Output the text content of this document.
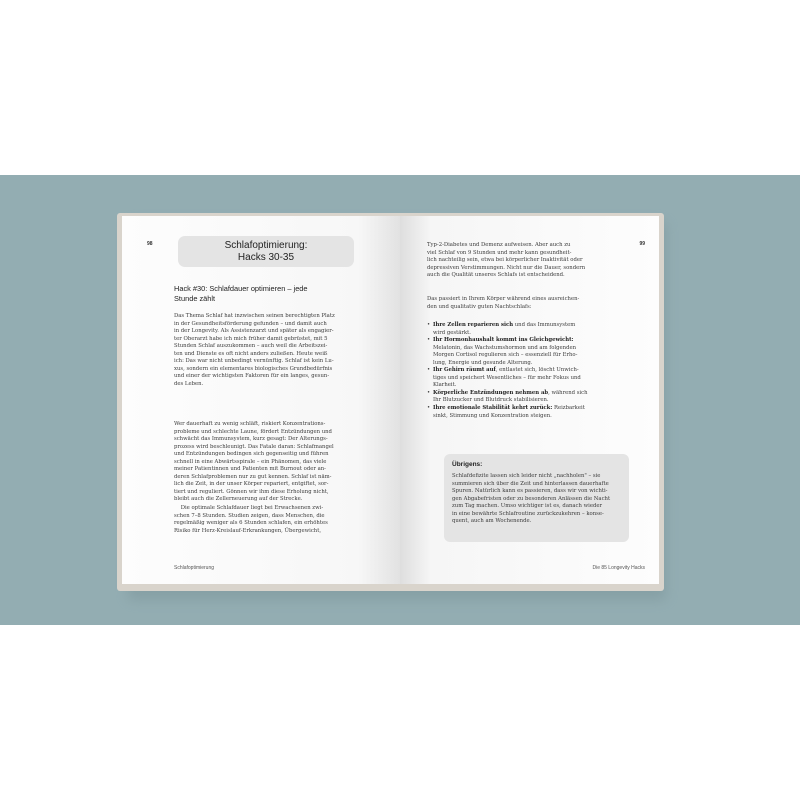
98	Schlafoptimierung:
Hacks 30-35
Hack #30: Schlafdauer optimieren – jede
Stunde zählt
Das Thema Schlaf hat inzwischen seinen berechtigten Platz
in der Gesundheitsförderung gefunden – und damit auch
in der Longevity. Als Assistenzarzt und später als engagier-
ter Oberarzt habe ich mich früher damit gebrüstet, mit 5
Stunden Schlaf auszukommen – auch weil die Arbeitszei-
ten und Dienste es oft nicht anders zuließen. Heute weiß
ich: Das war nicht unbedingt vernünftig. Schlaf ist kein Lu-
xus, sondern ein elementares biologisches Grundbedürfnis
und einer der wichtigsten Faktoren für ein langes, gesun-
des Leben.
Wer dauerhaft zu wenig schläft, riskiert Konzentrations-
probleme und schlechte Laune, fördert Entzündungen und
schwächt das Immunsystem, kurz gesagt: Der Alterungs-
prozess wird beschleunigt. Das Fatale daran: Schlafmangel
und Entzündungen bedingen sich gegenseitig und führen
schnell in eine Abwärtsspirale – ein Phänomen, das viele
meiner Patientinnen und Patienten mit Burnout oder an-
deren Schlafproblemen nur zu gut kennen. Schlaf ist näm-
lich die Zeit, in der unser Körper repariert, entgiftet, sor-
tiert und reguliert. Gönnen wir ihm diese Erholung nicht,
bleibt auch die Zellerneuerung auf der Strecke.
Die optimale Schlafdauer liegt bei Erwachsenen zwi-
schen 7–8 Stunden. Studien zeigen, dass Menschen, die
regelmäßig weniger als 6 Stunden schlafen, ein erhöhtes
Risiko für Herz-Kreislauf-Erkrankungen, Übergewicht,
Schlafoptimierung
99
Typ-2-Diabetes und Demenz aufweisen. Aber auch zu
viel Schlaf von 9 Stunden und mehr kann gesundheit-
lich nachteilig sein, etwa bei körperlicher Inaktivität oder
depressiven Verstimmungen. Nicht nur die Dauer, sondern
auch die Qualität unseres Schlafs ist entscheidend.
Das passiert in Ihrem Körper während eines ausreichen-
den und qualitativ guten Nachtschlafs:
• Ihre Zellen reparieren sich und das Immunsystem
wird gestärkt.
• Ihr Hormonhaushalt kommt ins Gleichgewicht:
Melatonin, das Wachstumshormon und am folgenden
Morgen Cortisol regulieren sich – essenziell für Erho-
lung, Energie und gesunde Alterung.
• Ihr Gehirn räumt auf, entlastet sich, löscht Unwich-
tiges und speichert Wesentliches – für mehr Fokus und
Klarheit.
• Körperliche Entzündungen nehmen ab, während sich
Ihr Blutzucker und Blutdruck stabilisieren.
• Ihre emotionale Stabilität kehrt zurück: Reizbarkeit
sinkt, Stimmung und Konzentration steigen.
Übrigens:
Schlafdefizite lassen sich leider nicht „nachholen" – sie
summieren sich über die Zeit und hinterlassen dauerhafte
Spuren. Natürlich kann es passieren, dass wir von wichti-
gen Abgabefristen oder zu besonderen Anlässen die Nacht
zum Tag machen. Umso wichtiger ist es, danach wieder
in eine bewährte Schlafroutine zurückzukehren – konse-
quent, auch am Wochenende.
Die 85 Longevity Hacks
